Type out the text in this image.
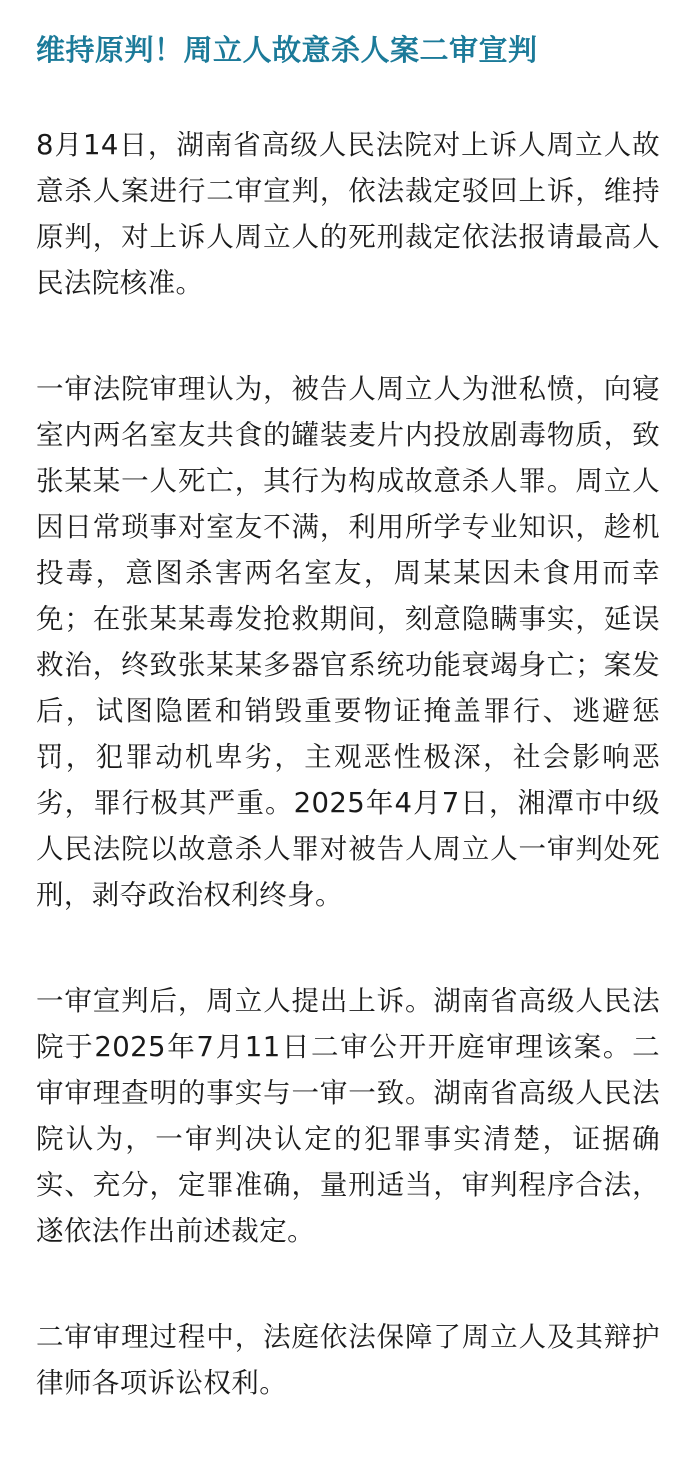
维持原判！周立人故意杀人案二审宣判

8月14日，湖南省高级人民法院对上诉人周立人故意杀人案进行二审宣判，依法裁定驳回上诉，维持原判，对上诉人周立人的死刑裁定依法报请最高人民法院核准。

一审法院审理认为，被告人周立人为泄私愤，向寝室内两名室友共食的罐装麦片内投放剧毒物质，致张某某一人死亡，其行为构成故意杀人罪。周立人因日常琐事对室友不满，利用所学专业知识，趁机投毒，意图杀害两名室友，周某某因未食用而幸免；在张某某毒发抢救期间，刻意隐瞒事实，延误救治，终致张某某多器官系统功能衰竭身亡；案发后，试图隐匿和销毁重要物证掩盖罪行、逃避惩罚，犯罪动机卑劣，主观恶性极深，社会影响恶劣，罪行极其严重。2025年4月7日，湘潭市中级人民法院以故意杀人罪对被告人周立人一审判处死刑，剥夺政治权利终身。

一审宣判后，周立人提出上诉。湖南省高级人民法院于2025年7月11日二审公开开庭审理该案。二审审理查明的事实与一审一致。湖南省高级人民法院认为，一审判决认定的犯罪事实清楚，证据确实、充分，定罪准确，量刑适当，审判程序合法，遂依法作出前述裁定。

二审审理过程中，法庭依法保障了周立人及其辩护律师各项诉讼权利。
